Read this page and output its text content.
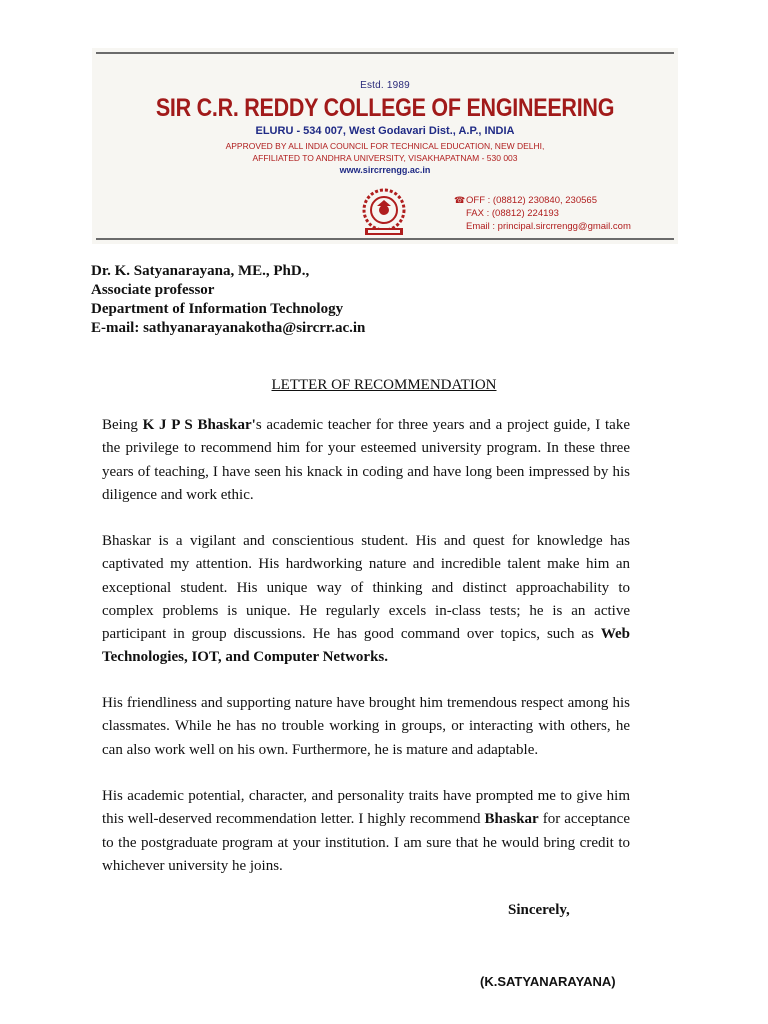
Estd. 1989
SIR C.R. REDDY COLLEGE OF ENGINEERING
ELURU - 534 007, West Godavari Dist., A.P., INDIA
APPROVED BY ALL INDIA COUNCIL FOR TECHNICAL EDUCATION, NEW DELHI,
AFFILIATED TO ANDHRA UNIVERSITY, VISAKHAPATNAM - 530 003
www.sircrrengg.ac.in
☎OFF : (08812) 230840, 230565
FAX : (08812) 224193
Email : principal.sircrrengg@gmail.com
Dr. K. Satyanarayana, ME., PhD.,
Associate professor
Department of Information Technology
E-mail: sathyanarayanakotha@sircrr.ac.in
LETTER OF RECOMMENDATION
Being K J P S Bhaskar's academic teacher for three years and a project guide, I take the privilege to recommend him for your esteemed university program. In these three years of teaching, I have seen his knack in coding and have long been impressed by his diligence and work ethic.
Bhaskar is a vigilant and conscientious student. His and quest for knowledge has captivated my attention. His hardworking nature and incredible talent make him an exceptional student. His unique way of thinking and distinct approachability to complex problems is unique. He regularly excels in-class tests; he is an active participant in group discussions. He has good command over topics, such as Web Technologies, IOT, and Computer Networks.
His friendliness and supporting nature have brought him tremendous respect among his classmates. While he has no trouble working in groups, or interacting with others, he can also work well on his own. Furthermore, he is mature and adaptable.
His academic potential, character, and personality traits have prompted me to give him this well-deserved recommendation letter. I highly recommend Bhaskar for acceptance to the postgraduate program at your institution. I am sure that he would bring credit to whichever university he joins.
Sincerely,
(K.SATYANARAYANA)
